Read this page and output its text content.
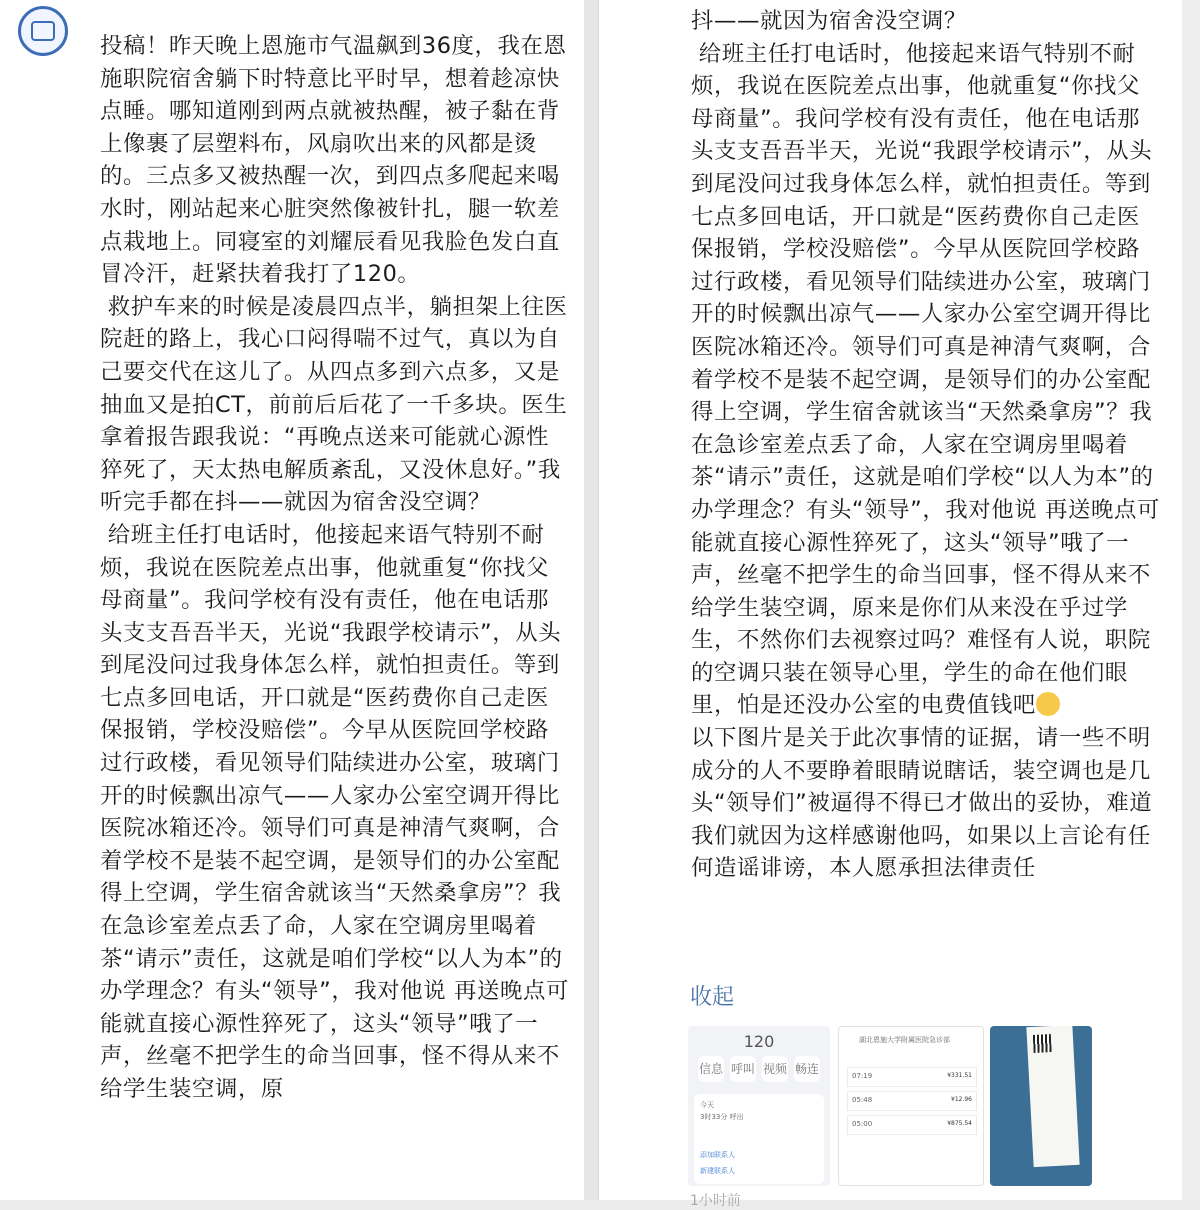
投稿！昨天晚上恩施市气温飙到36度，我在恩施职院宿舍躺下时特意比平时早，想着趁凉快点睡。哪知道刚到两点就被热醒，被子黏在背上像裹了层塑料布，风扇吹出来的风都是烫的。三点多又被热醒一次，到四点多爬起来喝水时，刚站起来心脏突然像被针扎，腿一软差点栽地上。同寝室的刘耀辰看见我脸色发白直冒冷汗，赶紧扶着我打了120。
救护车来的时候是凌晨四点半，躺担架上往医院赶的路上，我心口闷得喘不过气，真以为自己要交代在这儿了。从四点多到六点多，又是抽血又是拍CT，前前后后花了一千多块。医生拿着报告跟我说：“再晚点送来可能就心源性猝死了，天太热电解质紊乱，又没休息好。”我听完手都在抖——就因为宿舍没空调？
给班主任打电话时，他接起来语气特别不耐烦，我说在医院差点出事，他就重复“你找父母商量”。我问学校有没有责任，他在电话那头支支吾吾半天，光说“我跟学校请示”，从头到尾没问过我身体怎么样，就怕担责任。等到七点多回电话，开口就是“医药费你自己走医保报销，学校没赔偿”。今早从医院回学校路过行政楼，看见领导们陆续进办公室，玻璃门开的时候飘出凉气——人家办公室空调开得比医院冰箱还冷。领导们可真是神清气爽啊，合着学校不是装不起空调，是领导们的办公室配得上空调，学生宿舍就该当“天然桑拿房”？我在急诊室差点丢了命，人家在空调房里喝着茶“请示”责任，这就是咱们学校“以人为本”的办学理念？有头“领导”，我对他说 再送晚点可能就直接心源性猝死了，这头“领导”哦了一声，丝毫不把学生的命当回事，怪不得从来不给学生装空调，原
抖——就因为宿舍没空调？
给班主任打电话时，他接起来语气特别不耐烦，我说在医院差点出事，他就重复“你找父母商量”。我问学校有没有责任，他在电话那头支支吾吾半天，光说“我跟学校请示”，从头到尾没问过我身体怎么样，就怕担责任。等到七点多回电话，开口就是“医药费你自己走医保报销，学校没赔偿”。今早从医院回学校路过行政楼，看见领导们陆续进办公室，玻璃门开的时候飘出凉气——人家办公室空调开得比医院冰箱还冷。领导们可真是神清气爽啊，合着学校不是装不起空调，是领导们的办公室配得上空调，学生宿舍就该当“天然桑拿房”？我在急诊室差点丢了命，人家在空调房里喝着茶“请示”责任，这就是咱们学校“以人为本”的办学理念？有头“领导”，我对他说 再送晚点可能就直接心源性猝死了，这头“领导”哦了一声，丝毫不把学生的命当回事，怪不得从来不给学生装空调，原来是你们从来没在乎过学生，不然你们去视察过吗？难怪有人说，职院的空调只装在领导心里，学生的命在他们眼里，怕是还没办公室的电费值钱吧
以下图片是关于此次事情的证据，请一些不明成分的人不要睁着眼睛说瞎话，装空调也是几头“领导们”被逼得不得已才做出的妥协，难道我们就因为这样感谢他吗，如果以上言论有任何造谣诽谤，本人愿承担法律责任
收起
120
信息 呼叫 视频 畅连
今天
3时33分 呼出
添加联系人
新建联系人
湖北恩施大学附属医院急诊部
07:19	¥331.51
05:48	¥12.96
05:00	¥875.54
1小时前
